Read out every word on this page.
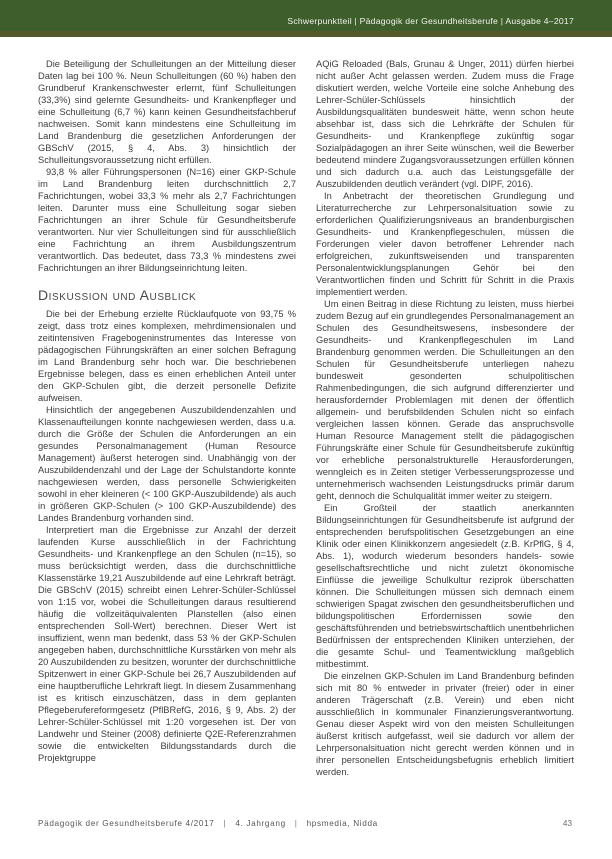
Schwerpunktteil | Pädagogik der Gesundheitsberufe | Ausgabe 4–2017

Die Beteiligung der Schulleitungen an der Mitteilung dieser Daten lag bei 100 %. Neun Schulleitungen (60 %) haben den Grundberuf Krankenschwester erlernt, fünf Schulleitungen (33,3%) sind gelernte Gesundheits- und Krankenpfleger und eine Schulleitung (6,7 %) kann keinen Gesundheitsfachberuf nachweisen. Somit kann mindestens eine Schulleitung im Land Brandenburg die gesetzlichen Anforderungen der GBSchV (2015, § 4, Abs. 3) hinsichtlich der Schulleitungsvoraussetzung nicht erfüllen.

93,8 % aller Führungspersonen (N=16) einer GKP-Schule im Land Brandenburg leiten durchschnittlich 2,7 Fachrichtungen, wobei 33,3 % mehr als 2,7 Fachrichtungen leiten. Darunter muss eine Schulleitung sogar sieben Fachrichtungen an ihrer Schule für Gesundheitsberufe verantworten. Nur vier Schulleitungen sind für ausschließlich eine Fachrichtung an ihrem Ausbildungszentrum verantwortlich. Das bedeutet, dass 73,3 % mindestens zwei Fachrichtungen an ihrer Bildungseinrichtung leiten.

Diskussion und Ausblick

Die bei der Erhebung erzielte Rücklaufquote von 93,75 % zeigt, dass trotz eines komplexen, mehrdimensionalen und zeitintensiven Fragebogeninstrumentes das Interesse von pädagogischen Führungskräften an einer solchen Befragung im Land Brandenburg sehr hoch war. Die beschriebenen Ergebnisse belegen, dass es einen erheblichen Anteil unter den GKP-Schulen gibt, die derzeit personelle Defizite aufweisen.

Hinsichtlich der angegebenen Auszubildendenzahlen und Klassenaufteilungen konnte nachgewiesen werden, dass u.a. durch die Größe der Schulen die Anforderungen an ein gesundes Personalmanagement (Human Resource Management) äußerst heterogen sind. Unabhängig von der Auszubildendenzahl und der Lage der Schulstandorte konnte nachgewiesen werden, dass personelle Schwierigkeiten sowohl in eher kleineren (< 100 GKP-Auszubildende) als auch in größeren GKP-Schulen (> 100 GKP-Auszubildende) des Landes Brandenburg vorhanden sind.

Interpretiert man die Ergebnisse zur Anzahl der derzeit laufenden Kurse ausschließlich in der Fachrichtung Gesundheits- und Krankenpflege an den Schulen (n=15), so muss berücksichtigt werden, dass die durchschnittliche Klassenstärke 19,21 Auszubildende auf eine Lehrkraft beträgt. Die GBSchV (2015) schreibt einen Lehrer-Schüler-Schlüssel von 1:15 vor, wobei die Schulleitungen daraus resultierend häufig die vollzeitäquivalenten Planstellen (also einen entsprechenden Soll-Wert) berechnen. Dieser Wert ist insuffizient, wenn man bedenkt, dass 53 % der GKP-Schulen angegeben haben, durchschnittliche Kursstärken von mehr als 20 Auszubildenden zu besitzen, worunter der durchschnittliche Spitzenwert in einer GKP-Schule bei 26,7 Auszubildenden auf eine hauptberufliche Lehrkraft liegt. In diesem Zusammenhang ist es kritisch einzuschätzen, dass in dem geplanten Pflegeberufereformgesetz (PflBRefG, 2016, § 9, Abs. 2) der Lehrer-Schüler-Schlüssel mit 1:20 vorgesehen ist. Der von Landwehr und Steiner (2008) definierte Q2E-Referenzrahmen sowie die entwickelten Bildungsstandards durch die Projektgruppe

AQiG Reloaded (Bals, Grunau & Unger, 2011) dürfen hierbei nicht außer Acht gelassen werden. Zudem muss die Frage diskutiert werden, welche Vorteile eine solche Anhebung des Lehrer-Schüler-Schlüssels hinsichtlich der Ausbildungsqualitäten bundesweit hätte, wenn schon heute absehbar ist, dass sich die Lehrkräfte der Schulen für Gesundheits- und Krankenpflege zukünftig sogar Sozialpädagogen an ihrer Seite wünschen, weil die Bewerber bedeutend mindere Zugangsvoraussetzungen erfüllen können und sich dadurch u.a. auch das Leistungsgefälle der Auszubildenden deutlich verändert (vgl. DIPF, 2016).

In Anbetracht der theoretischen Grundlegung und Literaturrecherche zur Lehrpersonalsituation sowie zu erforderlichen Qualifizierungsniveaus an brandenburgischen Gesundheits- und Krankenpflegeschulen, müssen die Forderungen vieler davon betroffener Lehrender nach erfolgreichen, zukunftsweisenden und transparenten Personalentwicklungsplanungen Gehör bei den Verantwortlichen finden und Schritt für Schritt in die Praxis implementiert werden.

Um einen Beitrag in diese Richtung zu leisten, muss hierbei zudem Bezug auf ein grundlegendes Personalmanagement an Schulen des Gesundheitswesens, insbesondere der Gesundheits- und Krankenpflegeschulen im Land Brandenburg genommen werden. Die Schulleitungen an den Schulen für Gesundheitsberufe unterliegen nahezu bundesweit gesonderten schulpolitischen Rahmenbedingungen, die sich aufgrund differenzierter und herausfordernder Problemlagen mit denen der öffentlich allgemein- und berufsbildenden Schulen nicht so einfach vergleichen lassen können. Gerade das anspruchsvolle Human Resource Management stellt die pädagogischen Führungskräfte einer Schule für Gesundheitsberufe zukünftig vor erhebliche personalstrukturelle Herausforderungen, wenngleich es in Zeiten stetiger Verbesserungsprozesse und unternehmerisch wachsenden Leistungsdrucks primär darum geht, dennoch die Schulqualität immer weiter zu steigern.

Ein Großteil der staatlich anerkannten Bildungseinrichtungen für Gesundheitsberufe ist aufgrund der entsprechenden berufspolitischen Gesetzgebungen an eine Klinik oder einen Klinikkonzern angesiedelt (z.B. KrPflG, § 4, Abs. 1), wodurch wiederum besonders handels- sowie gesellschaftsrechtliche und nicht zuletzt ökonomische Einflüsse die jeweilige Schulkultur reziprok überschatten können. Die Schulleitungen müssen sich demnach einem schwierigen Spagat zwischen den gesundheitsberuflichen und bildungspolitischen Erfordernissen sowie den geschäftsführenden und betriebswirtschaftlich unentbehrlichen Bedürfnissen der entsprechenden Kliniken unterziehen, der die gesamte Schul- und Teamentwicklung maßgeblich mitbestimmt.

Die einzelnen GKP-Schulen im Land Brandenburg befinden sich mit 80 % entweder in privater (freier) oder in einer anderen Trägerschaft (z.B. Verein) und eben nicht ausschließlich in kommunaler Finanzierungsverantwortung. Genau dieser Aspekt wird von den meisten Schulleitungen äußerst kritisch aufgefasst, weil sie dadurch vor allem der Lehrpersonalsituation nicht gerecht werden können und in ihrer personellen Entscheidungsbefugnis erheblich limitiert werden.

Pädagogik der Gesundheitsberufe 4/2017 | 4. Jahrgang | hpsmedia, Nidda	43
